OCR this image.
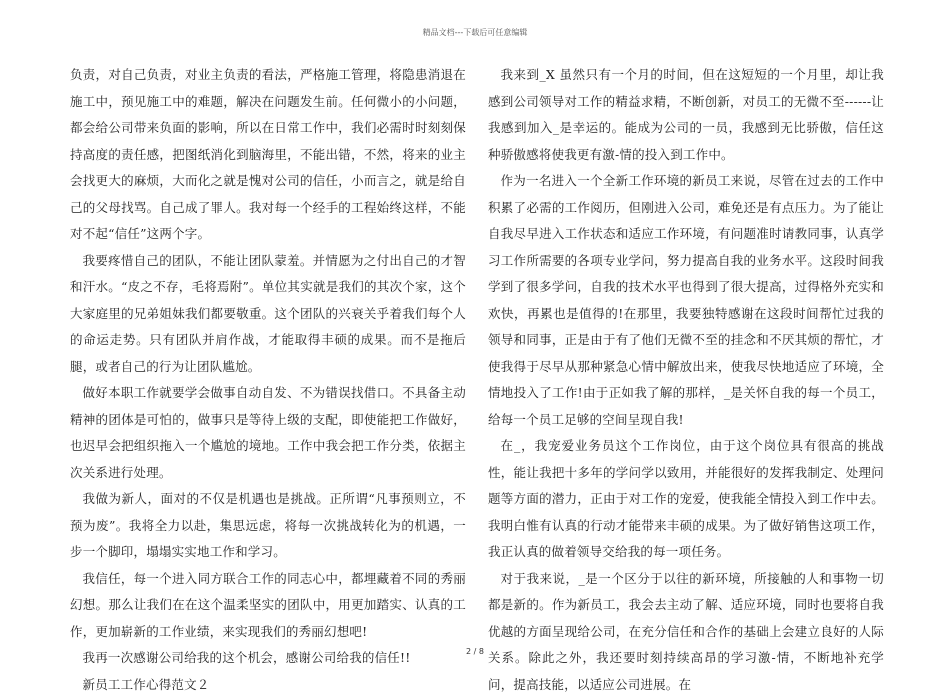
精品文档---下载后可任意编辑

负责，对自己负责，对业主负责的看法，严格施工管理，将隐患消退在施工中，预见施工中的难题，解决在问题发生前。任何微小的小问题，都会给公司带来负面的影响，所以在日常工作中，我们必需时时刻刻保持高度的责任感，把图纸消化到脑海里，不能出错，不然，将来的业主会找更大的麻烦，大而化之就是愧对公司的信任，小而言之，就是给自己的父母找骂。自己成了罪人。我对每一个经手的工程始终这样，不能对不起“信任”这两个字。

我要疼惜自己的团队，不能让团队蒙羞。并情愿为之付出自己的才智和汗水。“皮之不存，毛将焉附”。单位其实就是我们的其次个家，这个大家庭里的兄弟姐妹我们都要敬重。这个团队的兴衰关乎着我们每个人的命运走势。只有团队并肩作战，才能取得丰硕的成果。而不是拖后腿，或者自己的行为让团队尴尬。

做好本职工作就要学会做事自动自发、不为错误找借口。不具备主动精神的团体是可怕的，做事只是等待上级的支配，即使能把工作做好，也迟早会把组织拖入一个尴尬的境地。工作中我会把工作分类，依据主次关系进行处理。

我做为新人，面对的不仅是机遇也是挑战。正所谓“凡事预则立，不预为废”。我将全力以赴，集思远虑，将每一次挑战转化为的机遇，一步一个脚印，塌塌实实地工作和学习。

我信任，每一个进入同方联合工作的同志心中，都埋藏着不同的秀丽幻想。那么让我们在在这个温柔坚实的团队中，用更加踏实、认真的工作，更加崭新的工作业绩，来实现我们的秀丽幻想吧!

我再一次感谢公司给我的这个机会，感谢公司给我的信任!!

新员工工作心得范文２

我来到_X 虽然只有一个月的时间，但在这短短的一个月里，却让我感到公司领导对工作的精益求精，不断创新，对员工的无微不至------让我感到加入_是幸运的。能成为公司的一员，我感到无比骄傲，信任这种骄傲感将使我更有激-情的投入到工作中。

作为一名进入一个全新工作环境的新员工来说，尽管在过去的工作中积累了必需的工作阅历，但刚进入公司，难免还是有点压力。为了能让自我尽早进入工作状态和适应工作环境，有问题准时请教同事，认真学习工作所需要的各项专业学问，努力提高自我的业务水平。这段时间我学到了很多学问，自我的技术水平也得到了很大提高，过得格外充实和欢快，再累也是值得的!在那里，我要独特感谢在这段时间帮忙过我的领导和同事，正是由于有了他们无微不至的挂念和不厌其烦的帮忙，才使我得于尽早从那种紧急心情中解放出来，使我尽快地适应了环境，全情地投入了工作!由于正如我了解的那样，_是关怀自我的每一个员工，给每一个员工足够的空间呈现自我!

在_，我宠爱业务员这个工作岗位，由于这个岗位具有很高的挑战性，能让我把十多年的学问学以致用，并能很好的发挥我制定、处理问题等方面的潜力，正由于对工作的宠爱，使我能全情投入到工作中去。我明白惟有认真的行动才能带来丰硕的成果。为了做好销售这项工作，我正认真的做着领导交给我的每一项任务。

对于我来说，_是一个区分于以往的新环境，所接触的人和事物一切都是新的。作为新员工，我会去主动了解、适应环境，同时也要将自我优越的方面呈现给公司，在充分信任和合作的基础上会建立良好的人际关系。除此之外，我还要时刻持续高昂的学习激-情，不断地补充学问，提高技能，以适应公司进展。在

2 / 8
